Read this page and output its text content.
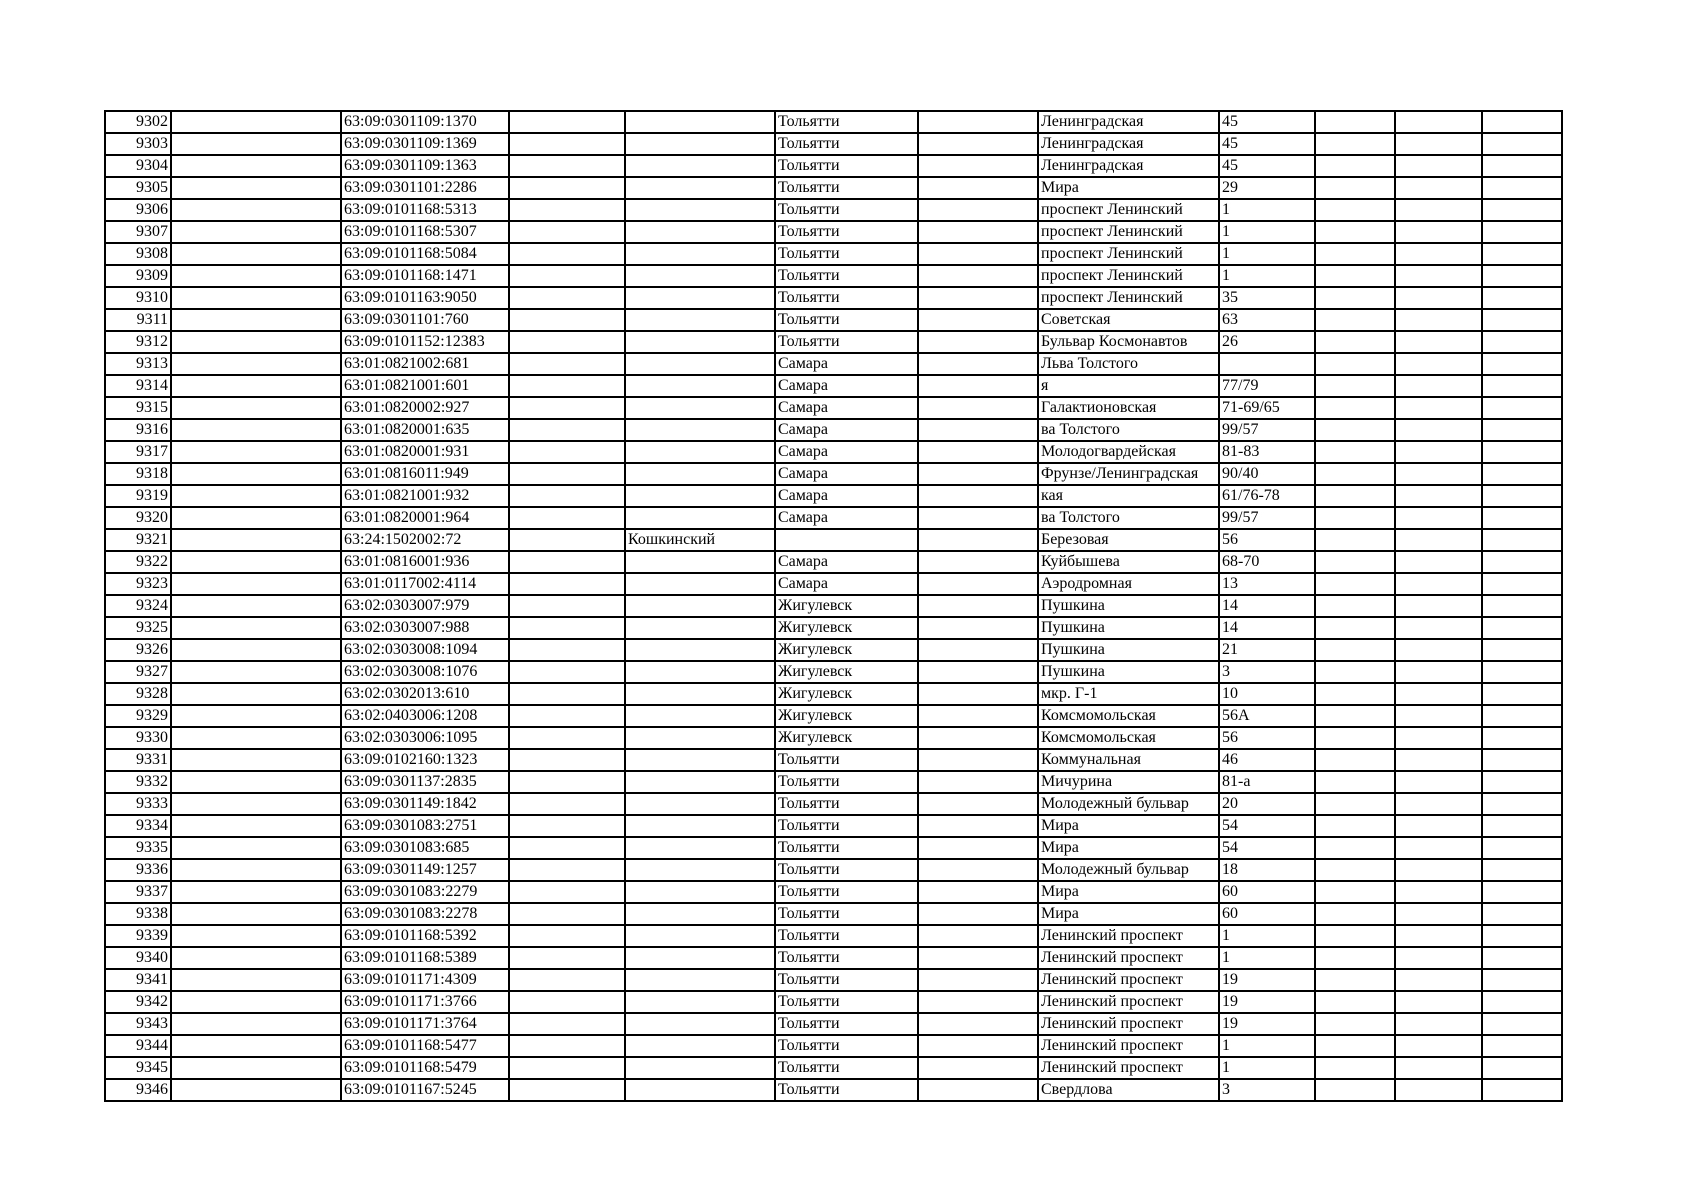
9302		63:09:0301109:1370			Тольятти		Ленинградская	45			
9303		63:09:0301109:1369			Тольятти		Ленинградская	45			
9304		63:09:0301109:1363			Тольятти		Ленинградская	45			
9305		63:09:0301101:2286			Тольятти		Мира	29			
9306		63:09:0101168:5313			Тольятти		проспект Ленинский	1			
9307		63:09:0101168:5307			Тольятти		проспект Ленинский	1			
9308		63:09:0101168:5084			Тольятти		проспект Ленинский	1			
9309		63:09:0101168:1471			Тольятти		проспект Ленинский	1			
9310		63:09:0101163:9050			Тольятти		проспект Ленинский	35			
9311		63:09:0301101:760			Тольятти		Советская	63			
9312		63:09:0101152:12383			Тольятти		Бульвар Космонавтов	26			
9313		63:01:0821002:681			Самара		Льва Толстого				
9314		63:01:0821001:601			Самара		я	77/79			
9315		63:01:0820002:927			Самара		Галактионовская	71-69/65			
9316		63:01:0820001:635			Самара		ва Толстого	99/57			
9317		63:01:0820001:931			Самара		Молодогвардейская	81-83			
9318		63:01:0816011:949			Самара		Фрунзе/Ленинградская	90/40			
9319		63:01:0821001:932			Самара		кая	61/76-78			
9320		63:01:0820001:964			Самара		ва Толстого	99/57			
9321		63:24:1502002:72		Кошкинский			Березовая	56			
9322		63:01:0816001:936			Самара		Куйбышева	68-70			
9323		63:01:0117002:4114			Самара		Аэродромная	13			
9324		63:02:0303007:979			Жигулевск		Пушкина	14			
9325		63:02:0303007:988			Жигулевск		Пушкина	14			
9326		63:02:0303008:1094			Жигулевск		Пушкина	21			
9327		63:02:0303008:1076			Жигулевск		Пушкина	3			
9328		63:02:0302013:610			Жигулевск		мкр. Г-1	10			
9329		63:02:0403006:1208			Жигулевск		Комсмомольская	56А			
9330		63:02:0303006:1095			Жигулевск		Комсмомольская	56			
9331		63:09:0102160:1323			Тольятти		Коммунальная	46			
9332		63:09:0301137:2835			Тольятти		Мичурина	81-а			
9333		63:09:0301149:1842			Тольятти		Молодежный бульвар	20			
9334		63:09:0301083:2751			Тольятти		Мира	54			
9335		63:09:0301083:685			Тольятти		Мира	54			
9336		63:09:0301149:1257			Тольятти		Молодежный бульвар	18			
9337		63:09:0301083:2279			Тольятти		Мира	60			
9338		63:09:0301083:2278			Тольятти		Мира	60			
9339		63:09:0101168:5392			Тольятти		Ленинский проспект	1			
9340		63:09:0101168:5389			Тольятти		Ленинский проспект	1			
9341		63:09:0101171:4309			Тольятти		Ленинский проспект	19			
9342		63:09:0101171:3766			Тольятти		Ленинский проспект	19			
9343		63:09:0101171:3764			Тольятти		Ленинский проспект	19			
9344		63:09:0101168:5477			Тольятти		Ленинский проспект	1			
9345		63:09:0101168:5479			Тольятти		Ленинский проспект	1			
9346		63:09:0101167:5245			Тольятти		Свердлова	3			
